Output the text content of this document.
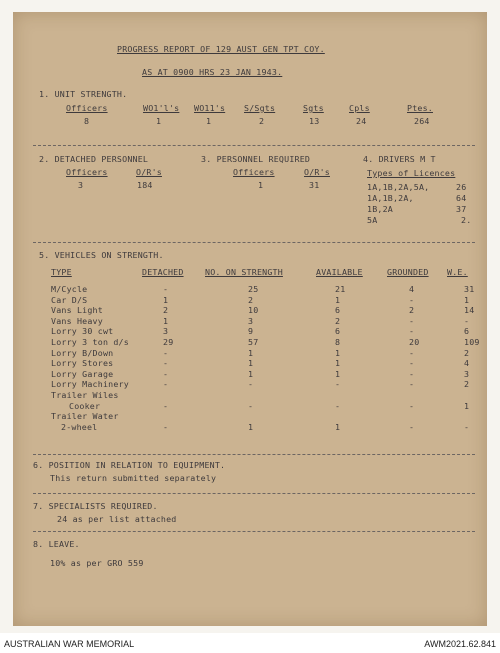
PROGRESS REPORT OF 129 AUST GEN TPT COY.
AS AT 0900 HRS 23 JAN 1943.
1. UNIT STRENGTH.
Officers	WO1'l's WO11's S/Sgts	Sgts	Cpls	Ptes.
8	1	1	2	13	24	264
2. DETACHED PERSONNEL
Officers	O/R's
3	184
3. PERSONNEL REQUIRED
Officers	O/R's
1	31
4. DRIVERS M T
Types of Licences
1A,1B,2A,5A,	26
1A,1B,2A,	64
1B,2A	37
5A	2.
5. VEHICLES ON STRENGTH.
TYPE	DETACHED	NO. ON STRENGTH	AVAILABLE	GROUNDED W.E.
M/Cycle	-	25	21	4	31
Car D/S	1	2	1	-	1
Vans Light	2	10	6	2	14
Vans Heavy	1	3	2	-	-
Lorry 30 cwt	3	9	6	-	6
Lorry 3 ton d/s	29	57	8	20	109
Lorry B/Down	-	1	1	-	2
Lorry Stores	-	1	1	-	4
Lorry Garage	-	1	1	-	3
Lorry Machinery	-	-	-	-	2
Trailer Wiles
Cooker	-	-	-	-	1
Trailer Water
2-wheel	-	1	1	-	-
6. POSITION IN RELATION TO EQUIPMENT.
This return submitted separately
7. SPECIALISTS REQUIRED.
24 as per list attached
8. LEAVE.
10% as per GRO 559
AUSTRALIAN WAR MEMORIAL	AWM2021.62.841
